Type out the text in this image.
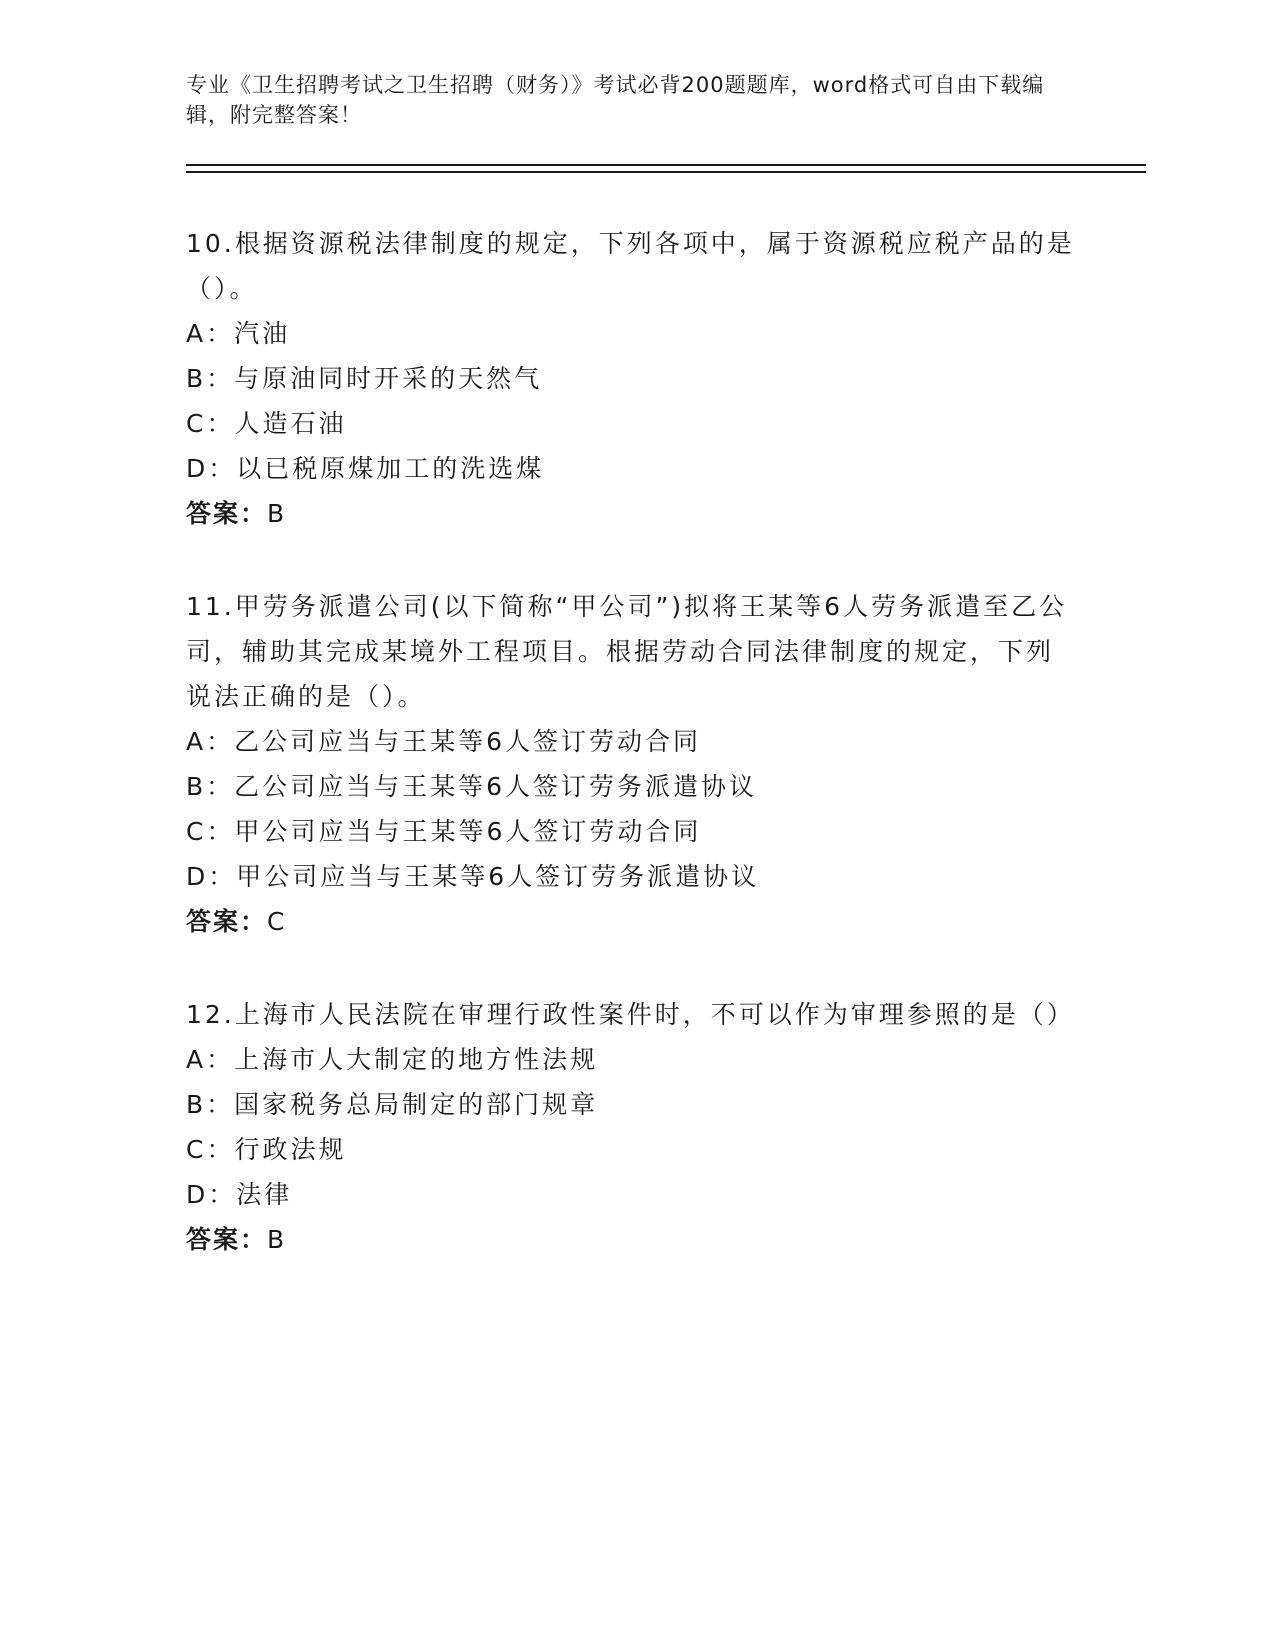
专业《卫生招聘考试之卫生招聘（财务）》考试必背200题题库，word格式可自由下载编辑，附完整答案！
10.根据资源税法律制度的规定，下列各项中，属于资源税应税产品的是（）。
A：汽油
B：与原油同时开采的天然气
C：人造石油
D：以已税原煤加工的洗选煤
答案：B
11.甲劳务派遣公司(以下简称“甲公司”)拟将王某等6人劳务派遣至乙公司，辅助其完成某境外工程项目。根据劳动合同法律制度的规定，下列说法正确的是（）。
A：乙公司应当与王某等6人签订劳动合同
B：乙公司应当与王某等6人签订劳务派遣协议
C：甲公司应当与王某等6人签订劳动合同
D：甲公司应当与王某等6人签订劳务派遣协议
答案：C
12.上海市人民法院在审理行政性案件时，不可以作为审理参照的是（）
A：上海市人大制定的地方性法规
B：国家税务总局制定的部门规章
C：行政法规
D：法律
答案：B
